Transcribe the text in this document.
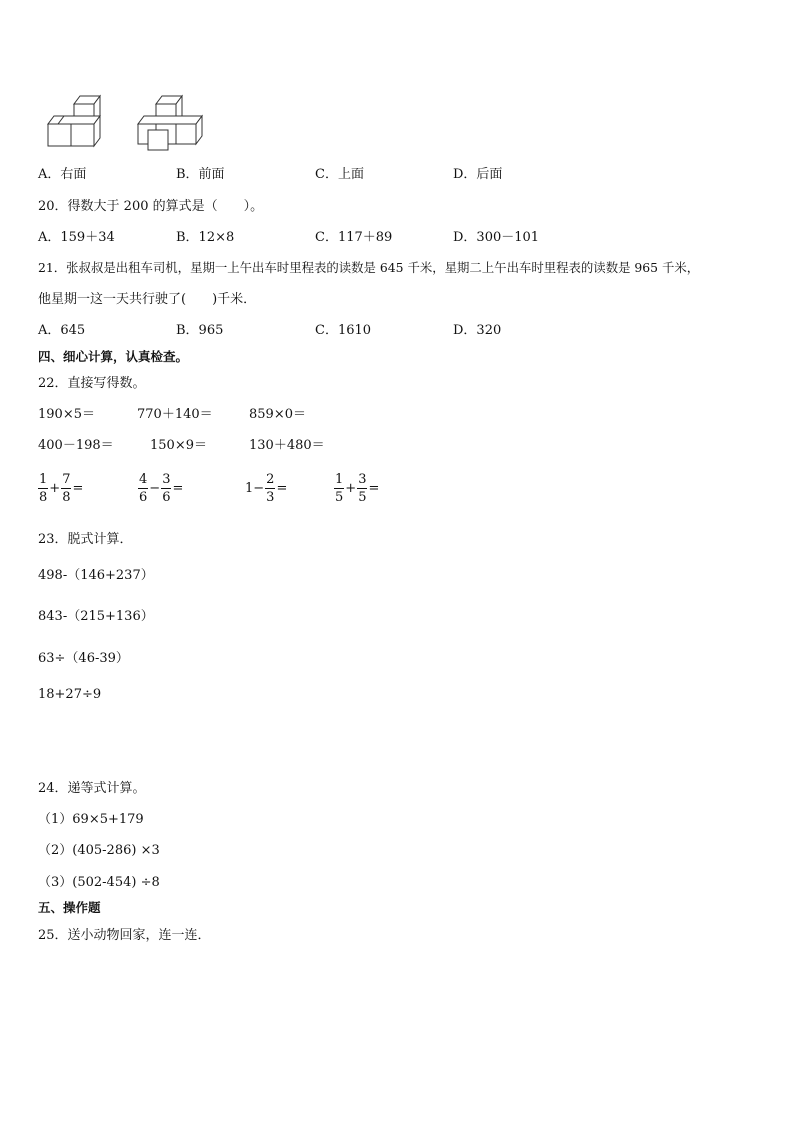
A．右面	B．前面	C．上面	D．后面
20．得数大于 200 的算式是（　　）。
A．159＋34	B．12×8	C．117＋89	D．300－101
21．张叔叔是出租车司机，星期一上午出车时里程表的读数是 645 千米，星期二上午出车时里程表的读数是 965 千米，
他星期一这一天共行驶了(　　)千米．
A．645	B．965	C．1610	D．320
四、细心计算，认真检查。
22．直接写得数。
190×5＝	770＋140＝	859×0＝
400－198＝	150×9＝	130＋480＝
$\frac{1}{8} + \frac{7}{8}$ =	$\frac{4}{6} - \frac{3}{6}$ =	$1- \frac{2}{3}$ =	$\frac{1}{5} + \frac{3}{5}$ =
23．脱式计算．
498-（146+237）
843-（215+136）
63÷（46-39）
18+27÷9
24．递等式计算。
（1）69×5+179
（2）(405-286) ×3
（3）(502-454) ÷8
五、操作题
25．送小动物回家，连一连．
